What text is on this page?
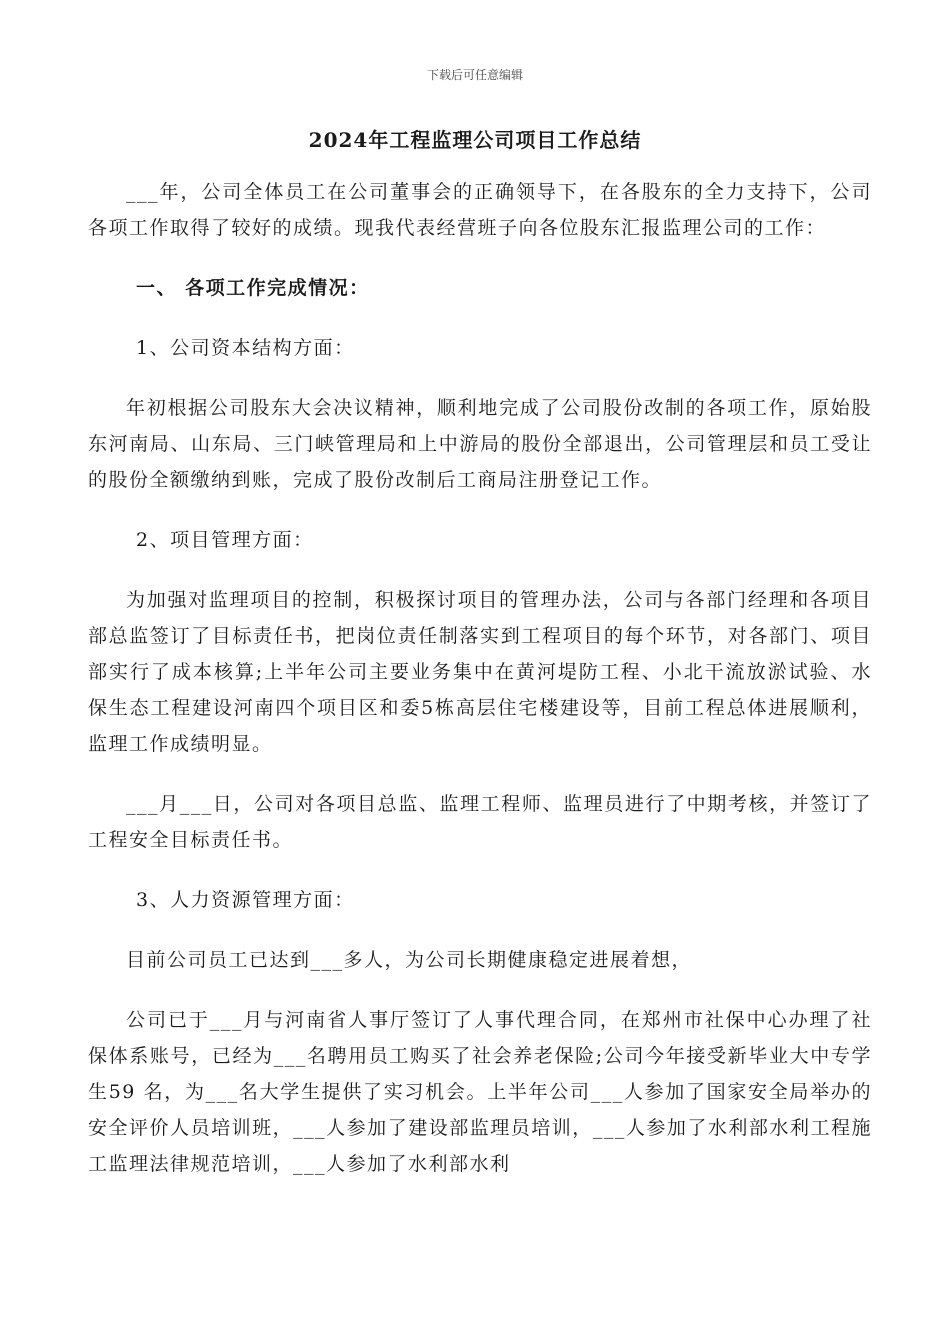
下载后可任意编辑
2024年工程监理公司项目工作总结

___年，公司全体员工在公司董事会的正确领导下，在各股东的全力支持下，公司各项工作取得了较好的成绩。现我代表经营班子向各位股东汇报监理公司的工作：

一、 各项工作完成情况：
1、公司资本结构方面：

年初根据公司股东大会决议精神，顺利地完成了公司股份改制的各项工作，原始股东河南局、山东局、三门峡管理局和上中游局的股份全部退出，公司管理层和员工受让的股份全额缴纳到账，完成了股份改制后工商局注册登记工作。

2、项目管理方面：

为加强对监理项目的控制，积极探讨项目的管理办法，公司与各部门经理和各项目部总监签订了目标责任书，把岗位责任制落实到工程项目的每个环节，对各部门、项目部实行了成本核算;上半年公司主要业务集中在黄河堤防工程、小北干流放淤试验、水保生态工程建设河南四个项目区和委5栋高层住宅楼建设等，目前工程总体进展顺利，监理工作成绩明显。

___月___日，公司对各项目总监、监理工程师、监理员进行了中期考核，并签订了工程安全目标责任书。

3、人力资源管理方面：

目前公司员工已达到___多人，为公司长期健康稳定进展着想，

公司已于___月与河南省人事厅签订了人事代理合同，在郑州市社保中心办理了社保体系账号，已经为___名聘用员工购买了社会养老保险;公司今年接受新毕业大中专学生59 名，为___名大学生提供了实习机会。上半年公司___人参加了国家安全局举办的安全评价人员培训班，___人参加了建设部监理员培训，___人参加了水利部水利工程施工监理法律规范培训，___人参加了水利部水利
